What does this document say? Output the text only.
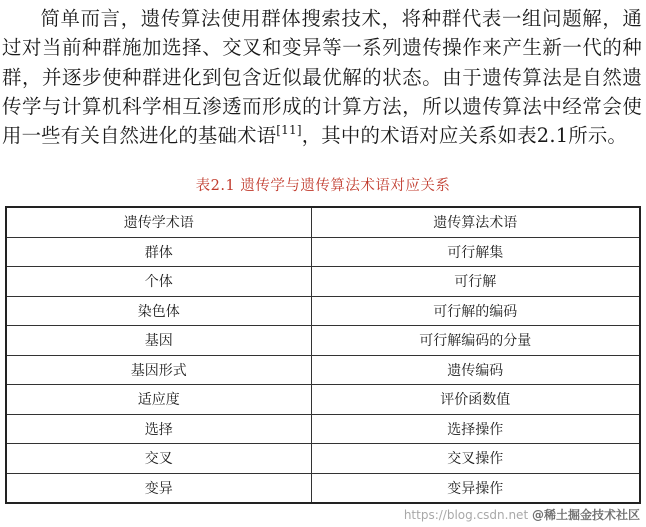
简单而言，遗传算法使用群体搜索技术，将种群代表一组问题解，通过对当前种群施加选择、交叉和变异等一系列遗传操作来产生新一代的种群，并逐步使种群进化到包含近似最优解的状态。由于遗传算法是自然遗传学与计算机科学相互渗透而形成的计算方法，所以遗传算法中经常会使用一些有关自然进化的基础术语[11]，其中的术语对应关系如表2.1所示。

表2.1 遗传学与遗传算法术语对应关系
遗传学术语	遗传算法术语
群体	可行解集
个体	可行解
染色体	可行解的编码
基因	可行解编码的分量
基因形式	遗传编码
适应度	评价函数值
选择	选择操作
交叉	交叉操作
变异	变异操作
https://blog.csdn.net @稀土掘金技术社区
